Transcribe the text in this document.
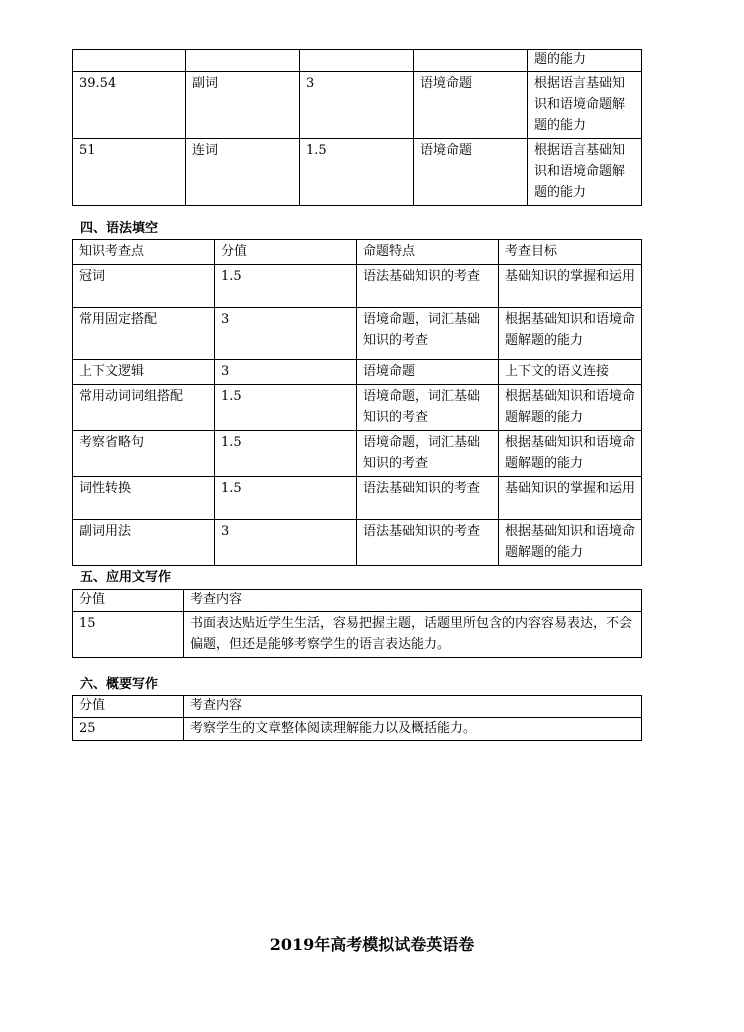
				题的能力
39.54	副词	3	语境命题	根据语言基础知识和语境命题解题的能力
51	连词	1.5	语境命题	根据语言基础知识和语境命题解题的能力
四、语法填空
知识考查点	分值	命题特点	考查目标
冠词	1.5	语法基础知识的考查	基础知识的掌握和运用
常用固定搭配	3	语境命题，词汇基础知识的考查	根据基础知识和语境命题解题的能力
上下文逻辑	3	语境命题	上下文的语义连接
常用动词词组搭配	1.5	语境命题，词汇基础知识的考查	根据基础知识和语境命题解题的能力
考察省略句	1.5	语境命题，词汇基础知识的考查	根据基础知识和语境命题解题的能力
词性转换	1.5	语法基础知识的考查	基础知识的掌握和运用
副词用法	3	语法基础知识的考查	根据基础知识和语境命题解题的能力
五、应用文写作
分值	考查内容
15	书面表达贴近学生生活，容易把握主题，话题里所包含的内容容易表达，不会偏题，但还是能够考察学生的语言表达能力。
六、概要写作
分值	考查内容
25	考察学生的文章整体阅读理解能力以及概括能力。
2019年高考模拟试卷英语卷
